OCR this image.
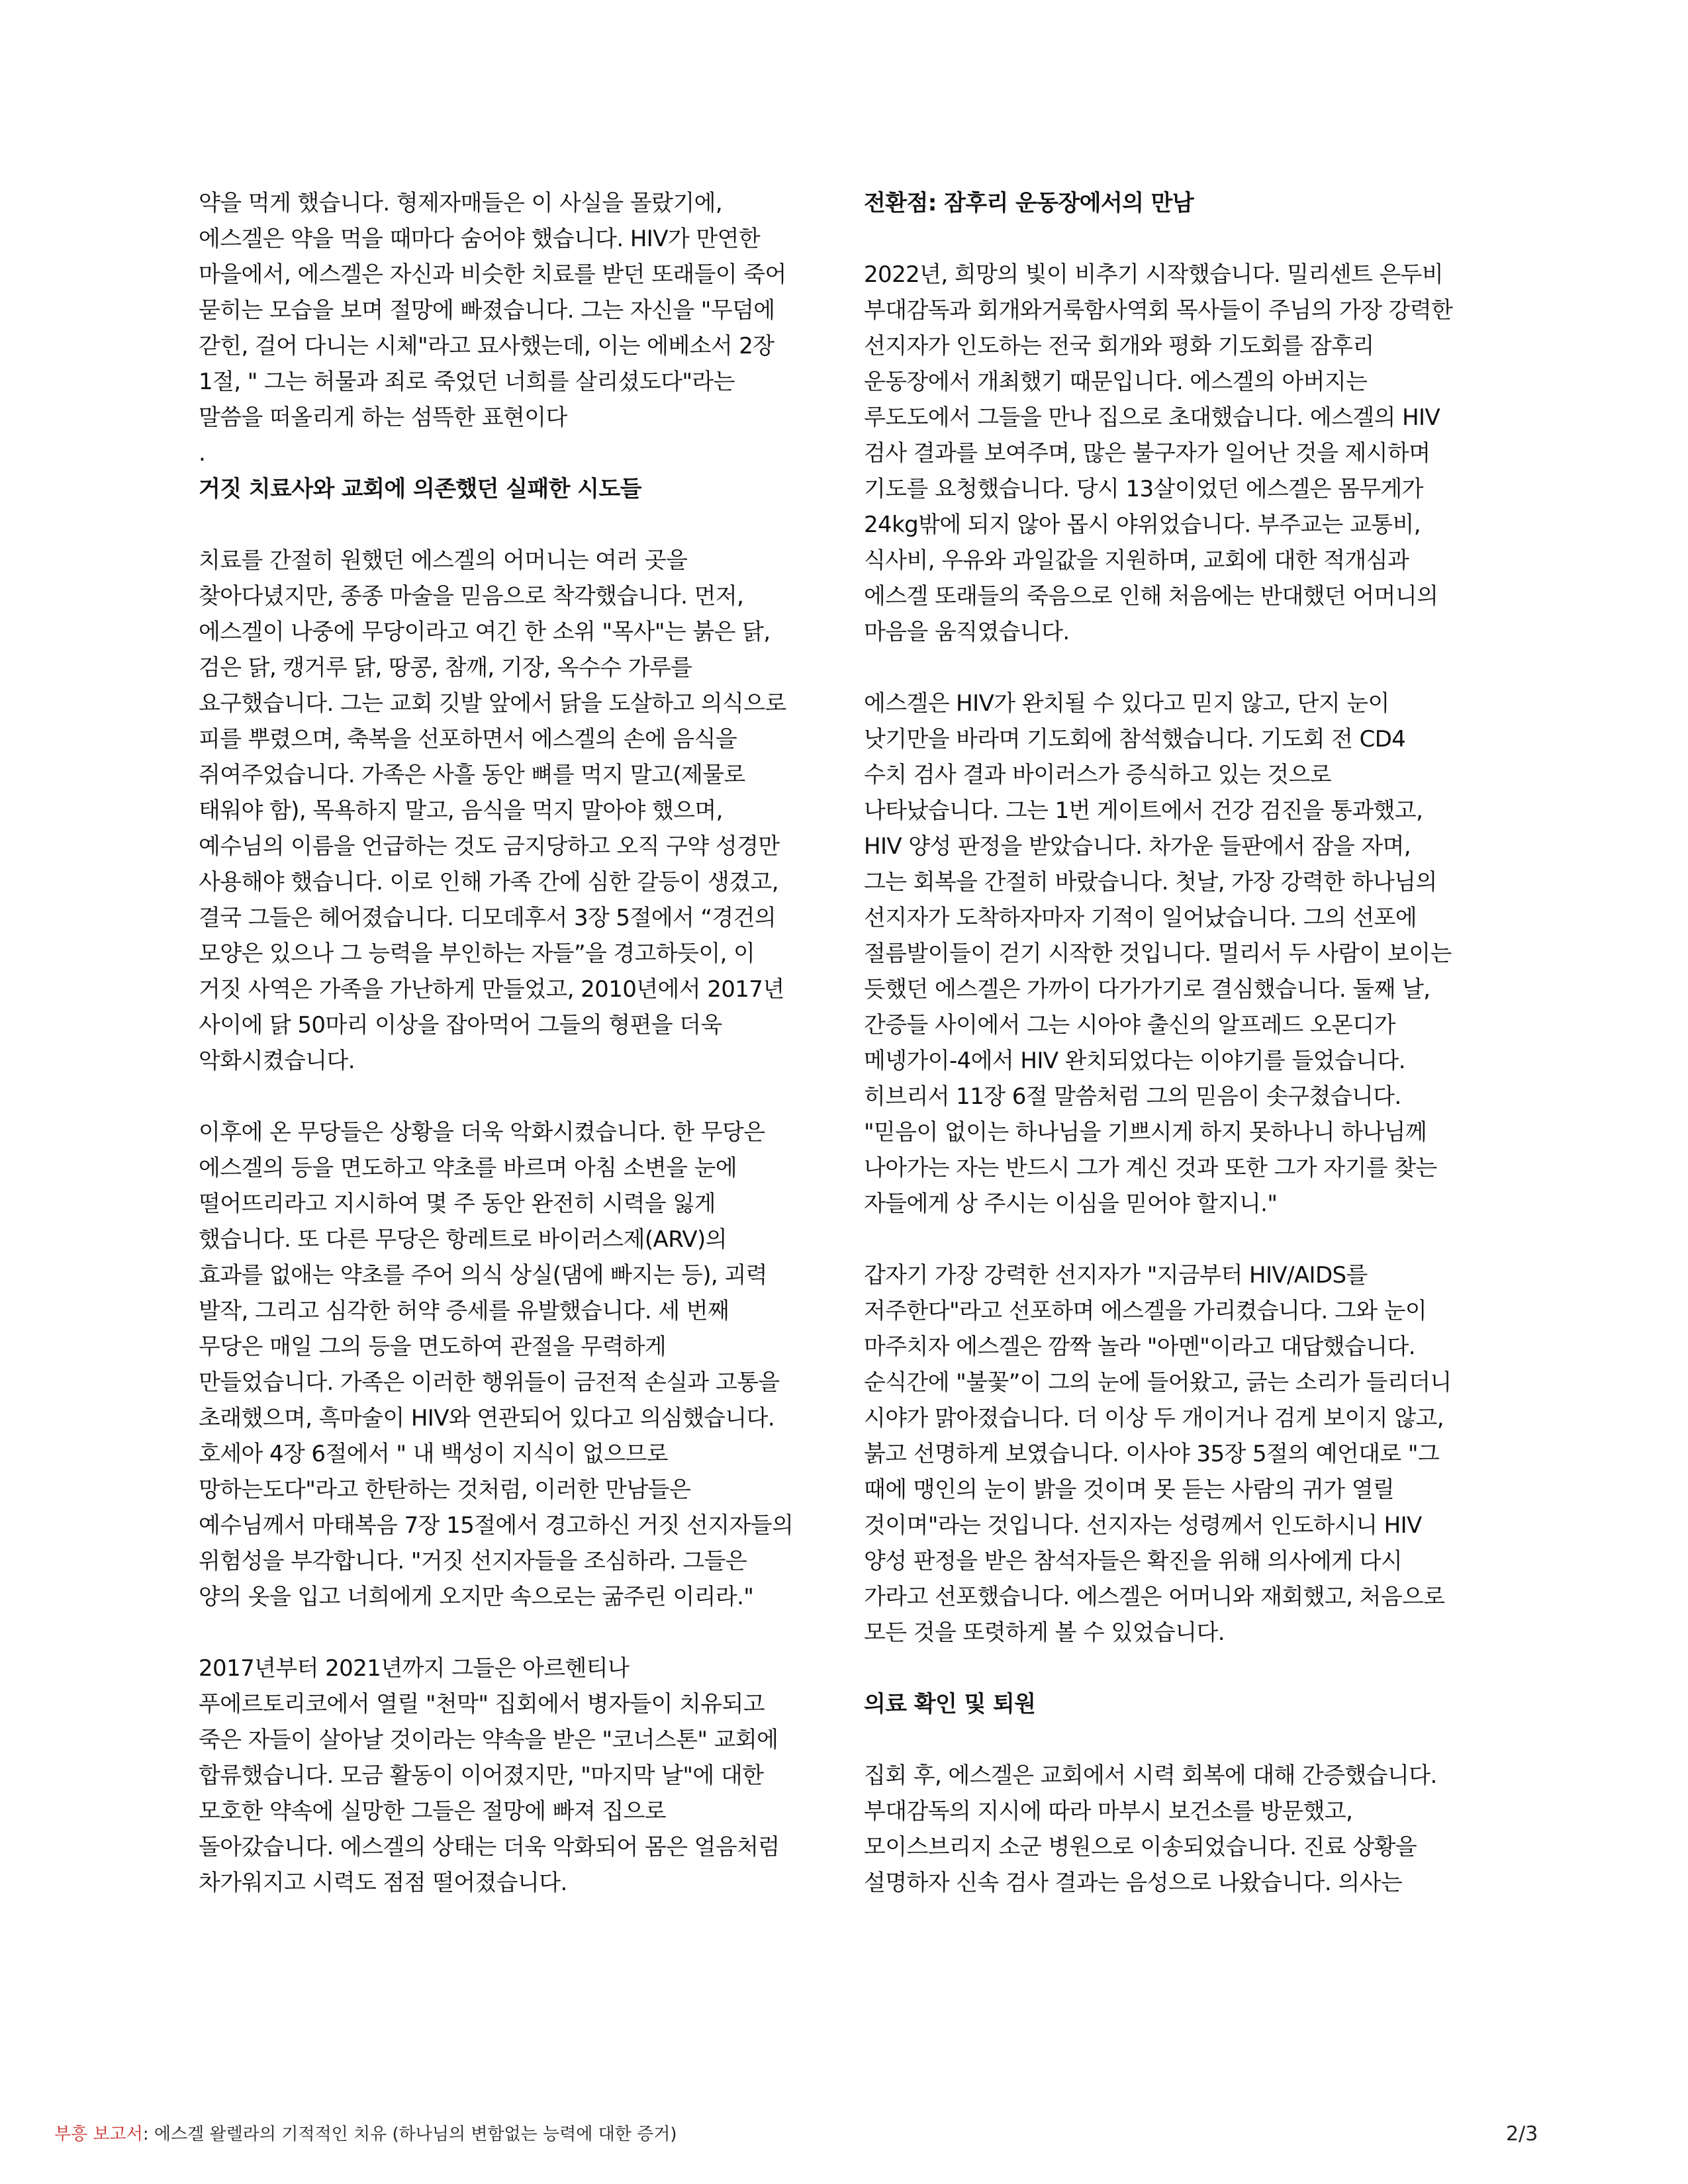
약을 먹게 했습니다. 형제자매들은 이 사실을 몰랐기에,
에스겔은 약을 먹을 때마다 숨어야 했습니다. HIV가 만연한
마을에서, 에스겔은 자신과 비슷한 치료를 받던 또래들이 죽어
묻히는 모습을 보며 절망에 빠졌습니다. 그는 자신을 "무덤에
갇힌, 걸어 다니는 시체"라고 묘사했는데, 이는 에베소서 2장
1절, " 그는 허물과 죄로 죽었던 너희를 살리셨도다"라는
말씀을 떠올리게 하는 섬뜩한 표현이다
.
거짓 치료사와 교회에 의존했던 실패한 시도들
치료를 간절히 원했던 에스겔의 어머니는 여러 곳을
찾아다녔지만, 종종 마술을 믿음으로 착각했습니다. 먼저,
에스겔이 나중에 무당이라고 여긴 한 소위 "목사"는 붉은 닭,
검은 닭, 캥거루 닭, 땅콩, 참깨, 기장, 옥수수 가루를
요구했습니다. 그는 교회 깃발 앞에서 닭을 도살하고 의식으로
피를 뿌렸으며, 축복을 선포하면서 에스겔의 손에 음식을
쥐여주었습니다. 가족은 사흘 동안 뼈를 먹지 말고(제물로
태워야 함), 목욕하지 말고, 음식을 먹지 말아야 했으며,
예수님의 이름을 언급하는 것도 금지당하고 오직 구약 성경만
사용해야 했습니다. 이로 인해 가족 간에 심한 갈등이 생겼고,
결국 그들은 헤어졌습니다. 디모데후서 3장 5절에서 “경건의
모양은 있으나 그 능력을 부인하는 자들”을 경고하듯이, 이
거짓 사역은 가족을 가난하게 만들었고, 2010년에서 2017년
사이에 닭 50마리 이상을 잡아먹어 그들의 형편을 더욱
악화시켰습니다.
이후에 온 무당들은 상황을 더욱 악화시켰습니다. 한 무당은
에스겔의 등을 면도하고 약초를 바르며 아침 소변을 눈에
떨어뜨리라고 지시하여 몇 주 동안 완전히 시력을 잃게
했습니다. 또 다른 무당은 항레트로 바이러스제(ARV)의
효과를 없애는 약초를 주어 의식 상실(댐에 빠지는 등), 괴력
발작, 그리고 심각한 허약 증세를 유발했습니다. 세 번째
무당은 매일 그의 등을 면도하여 관절을 무력하게
만들었습니다. 가족은 이러한 행위들이 금전적 손실과 고통을
초래했으며, 흑마술이 HIV와 연관되어 있다고 의심했습니다.
호세아 4장 6절에서 " 내 백성이 지식이 없으므로
망하는도다"라고 한탄하는 것처럼, 이러한 만남들은
예수님께서 마태복음 7장 15절에서 경고하신 거짓 선지자들의
위험성을 부각합니다. "거짓 선지자들을 조심하라. 그들은
양의 옷을 입고 너희에게 오지만 속으로는 굶주린 이리라."
2017년부터 2021년까지 그들은 아르헨티나
푸에르토리코에서 열릴 "천막" 집회에서 병자들이 치유되고
죽은 자들이 살아날 것이라는 약속을 받은 "코너스톤" 교회에
합류했습니다. 모금 활동이 이어졌지만, "마지막 날"에 대한
모호한 약속에 실망한 그들은 절망에 빠져 집으로
돌아갔습니다. 에스겔의 상태는 더욱 악화되어 몸은 얼음처럼
차가워지고 시력도 점점 떨어졌습니다.
전환점: 잠후리 운동장에서의 만남
2022년, 희망의 빛이 비추기 시작했습니다. 밀리센트 은두비
부대감독과 회개와거룩함사역회 목사들이 주님의 가장 강력한
선지자가 인도하는 전국 회개와 평화 기도회를 잠후리
운동장에서 개최했기 때문입니다. 에스겔의 아버지는
루도도에서 그들을 만나 집으로 초대했습니다. 에스겔의 HIV
검사 결과를 보여주며, 많은 불구자가 일어난 것을 제시하며
기도를 요청했습니다. 당시 13살이었던 에스겔은 몸무게가
24kg밖에 되지 않아 몹시 야위었습니다. 부주교는 교통비,
식사비, 우유와 과일값을 지원하며, 교회에 대한 적개심과
에스겔 또래들의 죽음으로 인해 처음에는 반대했던 어머니의
마음을 움직였습니다.
에스겔은 HIV가 완치될 수 있다고 믿지 않고, 단지 눈이
낫기만을 바라며 기도회에 참석했습니다. 기도회 전 CD4
수치 검사 결과 바이러스가 증식하고 있는 것으로
나타났습니다. 그는 1번 게이트에서 건강 검진을 통과했고,
HIV 양성 판정을 받았습니다. 차가운 들판에서 잠을 자며,
그는 회복을 간절히 바랐습니다. 첫날, 가장 강력한 하나님의
선지자가 도착하자마자 기적이 일어났습니다. 그의 선포에
절름발이들이 걷기 시작한 것입니다. 멀리서 두 사람이 보이는
듯했던 에스겔은 가까이 다가가기로 결심했습니다. 둘째 날,
간증들 사이에서 그는 시아야 출신의 알프레드 오몬디가
메넹가이-4에서 HIV 완치되었다는 이야기를 들었습니다.
히브리서 11장 6절 말씀처럼 그의 믿음이 솟구쳤습니다.
"믿음이 없이는 하나님을 기쁘시게 하지 못하나니 하나님께
나아가는 자는 반드시 그가 계신 것과 또한 그가 자기를 찾는
자들에게 상 주시는 이심을 믿어야 할지니."
갑자기 가장 강력한 선지자가 "지금부터 HIV/AIDS를
저주한다"라고 선포하며 에스겔을 가리켰습니다. 그와 눈이
마주치자 에스겔은 깜짝 놀라 "아멘"이라고 대답했습니다.
순식간에 "불꽃”이 그의 눈에 들어왔고, 긁는 소리가 들리더니
시야가 맑아졌습니다. 더 이상 두 개이거나 검게 보이지 않고,
붉고 선명하게 보였습니다. 이사야 35장 5절의 예언대로 "그
때에 맹인의 눈이 밝을 것이며 못 듣는 사람의 귀가 열릴
것이며"라는 것입니다. 선지자는 성령께서 인도하시니 HIV
양성 판정을 받은 참석자들은 확진을 위해 의사에게 다시
가라고 선포했습니다. 에스겔은 어머니와 재회했고, 처음으로
모든 것을 또렷하게 볼 수 있었습니다.
의료 확인 및 퇴원
집회 후, 에스겔은 교회에서 시력 회복에 대해 간증했습니다.
부대감독의 지시에 따라 마부시 보건소를 방문했고,
모이스브리지 소군 병원으로 이송되었습니다. 진료 상황을
설명하자 신속 검사 결과는 음성으로 나왔습니다. 의사는
부흥 보고서: 에스겔 왈렐라의 기적적인 치유 (하나님의 변함없는 능력에 대한 증거)	2/3
